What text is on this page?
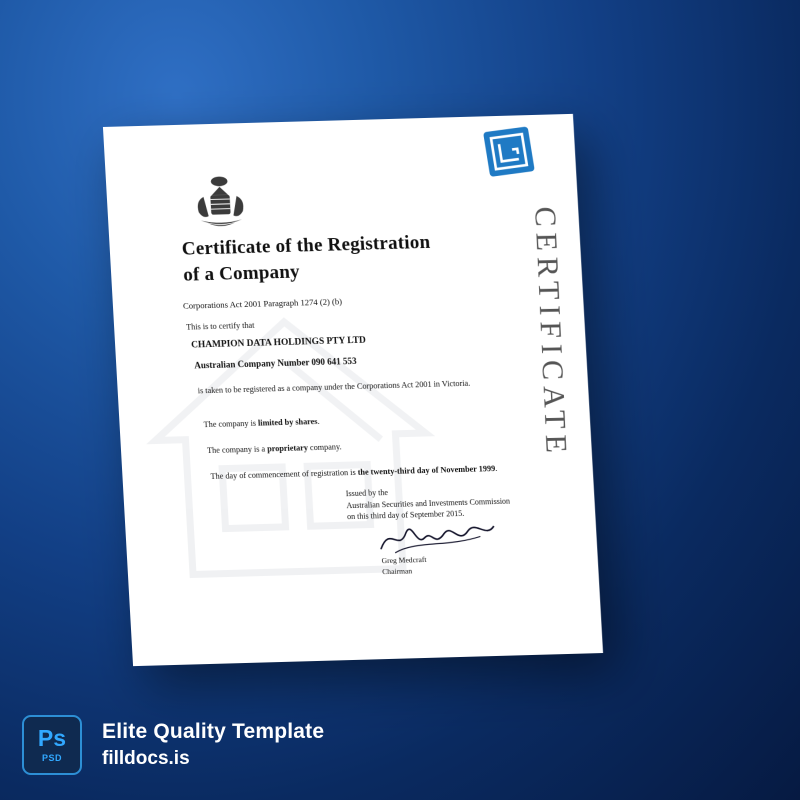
Certificate of the Registration
of a Company
Corporations Act 2001 Paragraph 1274 (2) (b)
This is to certify that
CHAMPION DATA HOLDINGS PTY LTD
Australian Company Number 090 641 553
is taken to be registered as a company under the Corporations Act 2001 in Victoria.
The company is limited by shares.
The company is a proprietary company.
The day of commencement of registration is the twenty-third day of November 1999.
Issued by the
Australian Securities and Investments Commission
on this third day of September 2015.
Greg Medcraft
Chairman
CERTIFICATE
Ps
PSD
Elite Quality Template
filldocs.is
